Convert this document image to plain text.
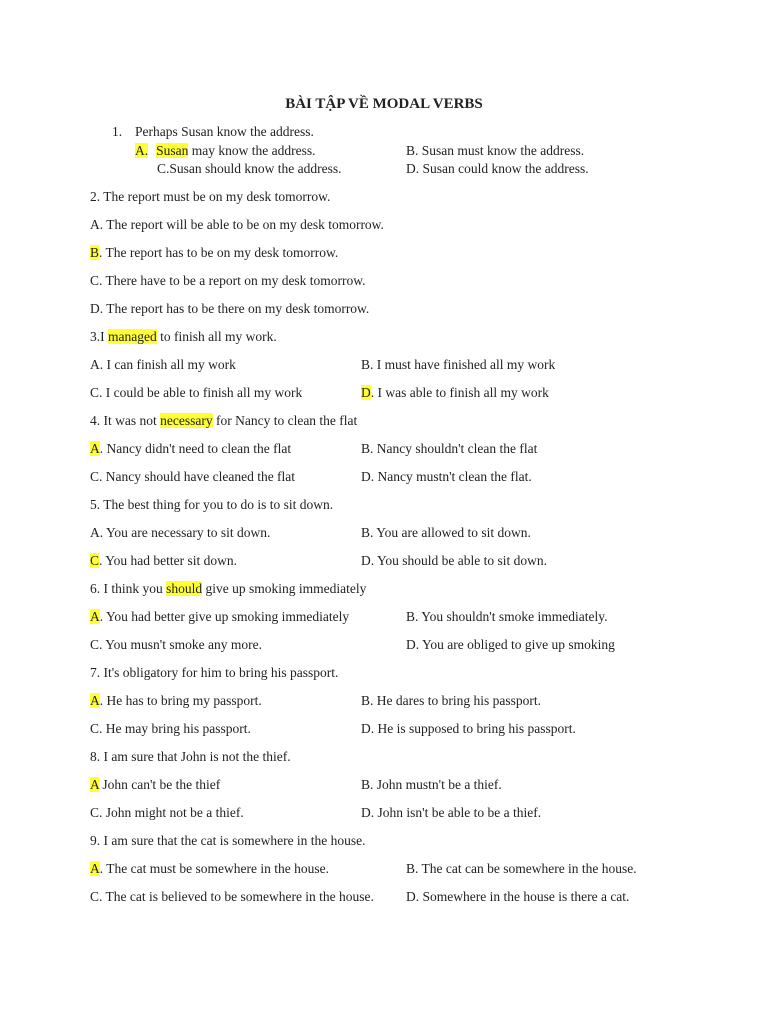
BÀI TẬP VỀ MODAL VERBS
1. Perhaps Susan know the address.
A. Susan may know the address.	B. Susan must know the address.
C.Susan should know the address.	D. Susan could know the address.
2. The report must be on my desk tomorrow.
A. The report will be able to be on my desk tomorrow.
B. The report has to be on my desk tomorrow.
C. There have to be a report on my desk tomorrow.
D. The report has to be there on my desk tomorrow.
3.I managed to finish all my work.
A. I can finish all my work	B. I must have finished all my work
C. I could be able to finish all my work	D. I was able to finish all my work
4. It was not necessary for Nancy to clean the flat
A. Nancy didn't need to clean the flat	B. Nancy shouldn't clean the flat
C. Nancy should have cleaned the flat	D. Nancy mustn't clean the flat.
5. The best thing for you to do is to sit down.
A. You are necessary to sit down.	B. You are allowed to sit down.
C. You had better sit down.	D. You should be able to sit down.
6. I think you should give up smoking immediately
A. You had better give up smoking immediately	B. You shouldn't smoke immediately.
C. You musn't smoke any more.	D. You are obliged to give up smoking
7. It's obligatory for him to bring his passport.
A. He has to bring my passport.	B. He dares to bring his passport.
C. He may bring his passport.	D. He is supposed to bring his passport.
8. I am sure that John is not the thief.
A John can't be the thief	B. John mustn't be a thief.
C. John might not be a thief.	D. John isn't be able to be a thief.
9. I am sure that the cat is somewhere in the house.
A. The cat must be somewhere in the house.	B. The cat can be somewhere in the house.
C. The cat is believed to be somewhere in the house. D. Somewhere in the house is there a cat.
